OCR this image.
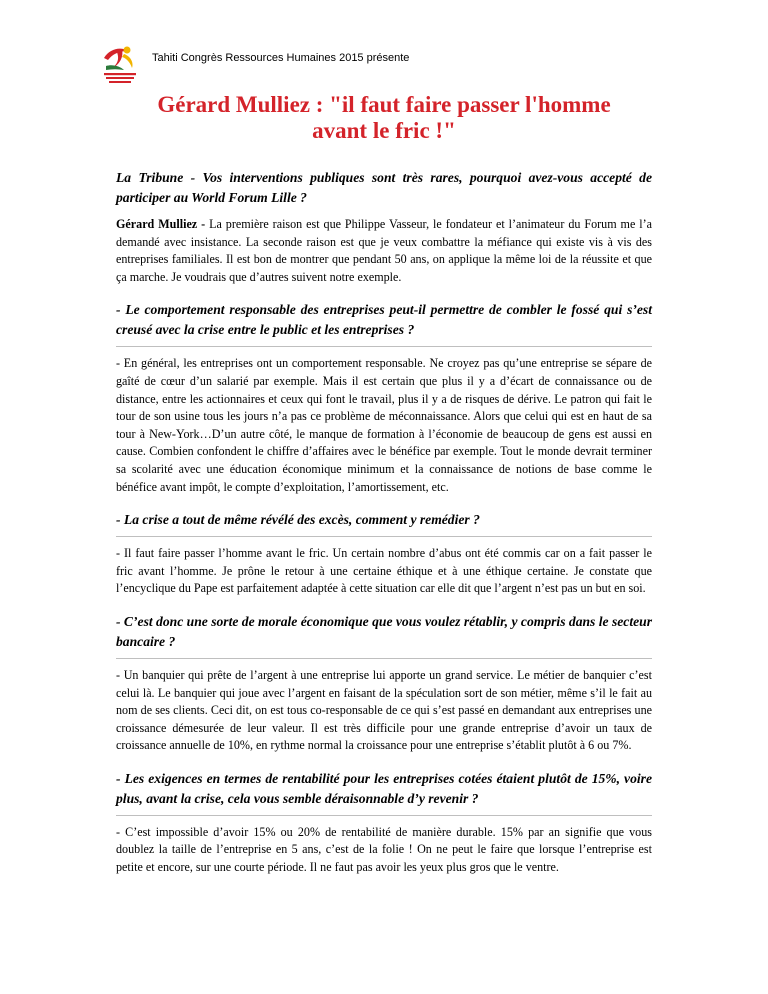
Tahiti Congrès Ressources Humaines 2015 présente
Gérard Mulliez : "il faut faire passer l'homme
avant le fric !"

La Tribune - Vos interventions publiques sont très rares, pourquoi avez-vous accepté de participer au World Forum Lille ?

Gérard Mulliez - La première raison est que Philippe Vasseur, le fondateur et l’animateur du Forum me l’a demandé avec insistance. La seconde raison est que je veux combattre la méfiance qui existe vis à vis des entreprises familiales. Il est bon de montrer que pendant 50 ans, on applique la même loi de la réussite et que ça marche. Je voudrais que d’autres suivent notre exemple.

- Le comportement responsable des entreprises peut-il permettre de combler le fossé qui s’est creusé avec la crise entre le public et les entreprises ?

- En général, les entreprises ont un comportement responsable. Ne croyez pas qu’une entreprise se sépare de gaîté de cœur d’un salarié par exemple. Mais il est certain que plus il y a d’écart de connaissance ou de distance, entre les actionnaires et ceux qui font le travail, plus il y a de risques de dérive. Le patron qui fait le tour de son usine tous les jours n’a pas ce problème de méconnaissance. Alors que celui qui est en haut de sa tour à New-York…D’un autre côté, le manque de formation à l’économie de beaucoup de gens est aussi en cause. Combien confondent le chiffre d’affaires avec le bénéfice par exemple. Tout le monde devrait terminer sa scolarité avec une éducation économique minimum et la connaissance de notions de base comme le bénéfice avant impôt, le compte d’exploitation, l’amortissement, etc.

- La crise a tout de même révélé des excès, comment y remédier ?

- Il faut faire passer l’homme avant le fric. Un certain nombre d’abus ont été commis car on a fait passer le fric avant l’homme. Je prône le retour à une certaine éthique et à une éthique certaine. Je constate que l’encyclique du Pape est parfaitement adaptée à cette situation car elle dit que l’argent n’est pas un but en soi.

- C’est donc une sorte de morale économique que vous voulez rétablir, y compris dans le secteur bancaire ?

- Un banquier qui prête de l’argent à une entreprise lui apporte un grand service. Le métier de banquier c’est celui là. Le banquier qui joue avec l’argent en faisant de la spéculation sort de son métier, même s’il le fait au nom de ses clients. Ceci dit, on est tous co-responsable de ce qui s’est passé en demandant aux entreprises une croissance démesurée de leur valeur. Il est très difficile pour une grande entreprise d’avoir un taux de croissance annuelle de 10%, en rythme normal la croissance pour une entreprise s’établit plutôt à 6 ou 7%.

- Les exigences en termes de rentabilité pour les entreprises cotées étaient plutôt de 15%, voire plus, avant la crise, cela vous semble déraisonnable d’y revenir ?

- C’est impossible d’avoir 15% ou 20% de rentabilité de manière durable. 15% par an signifie que vous doublez la taille de l’entreprise en 5 ans, c’est de la folie ! On ne peut le faire que lorsque l’entreprise est petite et encore, sur une courte période. Il ne faut pas avoir les yeux plus gros que le ventre.
